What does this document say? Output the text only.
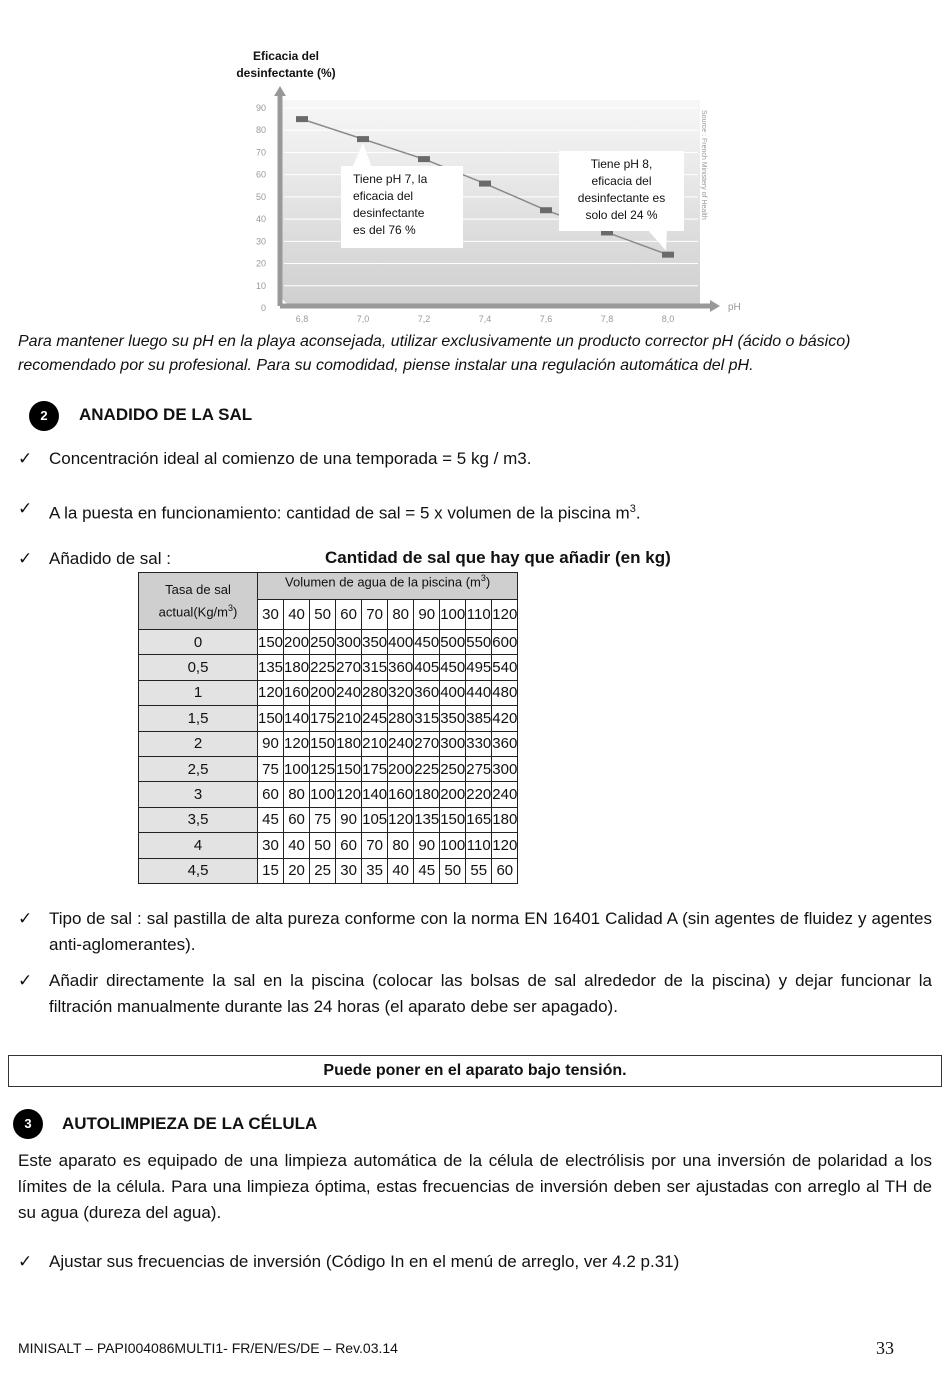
0
10
20
30
40
50
60
70
80
90
6,8	7,0	7,2	7,4	7,6	7,8	8,0
pH
Source : French Ministery of Health
Eficacia del
desinfectante (%)
Tiene pH 7, la
eficacia del
desinfectante
es del 76 %
Tiene pH 8,
eficacia del
desinfectante es
solo del 24 %
Para mantener luego su pH en la playa aconsejada, utilizar exclusivamente un producto corrector pH (ácido o básico) recomendado por su profesional. Para su comodidad, piense instalar una regulación automática del pH.
2	ANADIDO DE LA SAL
✓ Concentración ideal al comienzo de una temporada = 5 kg / m3.
✓ A la puesta en funcionamiento: cantidad de sal = 5 x volumen de la piscina $m^3$.
✓ Añadido de sal :	Cantidad de sal que hay que añadir (en kg)
Tasa de sal
$actual(Kg/m^3)$	Volumen de agua de la piscina $(m^3)$									
	30	40	50	60	70	80	90	100	110	120
0	150	200	250	300	350	400	450	500	550	600
0,5	135	180	225	270	315	360	405	450	495	540
1	120	160	200	240	280	320	360	400	440	480
1,5	150	140	175	210	245	280	315	350	385	420
2	90	120	150	180	210	240	270	300	330	360
2,5	75	100	125	150	175	200	225	250	275	300
3	60	80	100	120	140	160	180	200	220	240
3,5	45	60	75	90	105	120	135	150	165	180
4	30	40	50	60	70	80	90	100	110	120
4,5	15	20	25	30	35	40	45	50	55	60
✓ Tipo de sal : sal pastilla de alta pureza conforme con la norma EN 16401 Calidad A (sin agentes de fluidez y agentes anti-aglomerantes).
✓ Añadir directamente la sal en la piscina (colocar las bolsas de sal alrededor de la piscina) y dejar funcionar la filtración manualmente durante las 24 horas (el aparato debe ser apagado).
Puede poner en el aparato bajo tensión.
3	AUTOLIMPIEZA DE LA CÉLULA
Este aparato es equipado de una limpieza automática de la célula de electrólisis por una inversión de polaridad a los límites de la célula. Para una limpieza óptima, estas frecuencias de inversión deben ser ajustadas con arreglo al TH de su agua (dureza del agua).
✓ Ajustar sus frecuencias de inversión (Código In en el menú de arreglo, ver 4.2 p.31)
MINISALT – PAPI004086MULTI1- FR/EN/ES/DE – Rev.03.14	33
